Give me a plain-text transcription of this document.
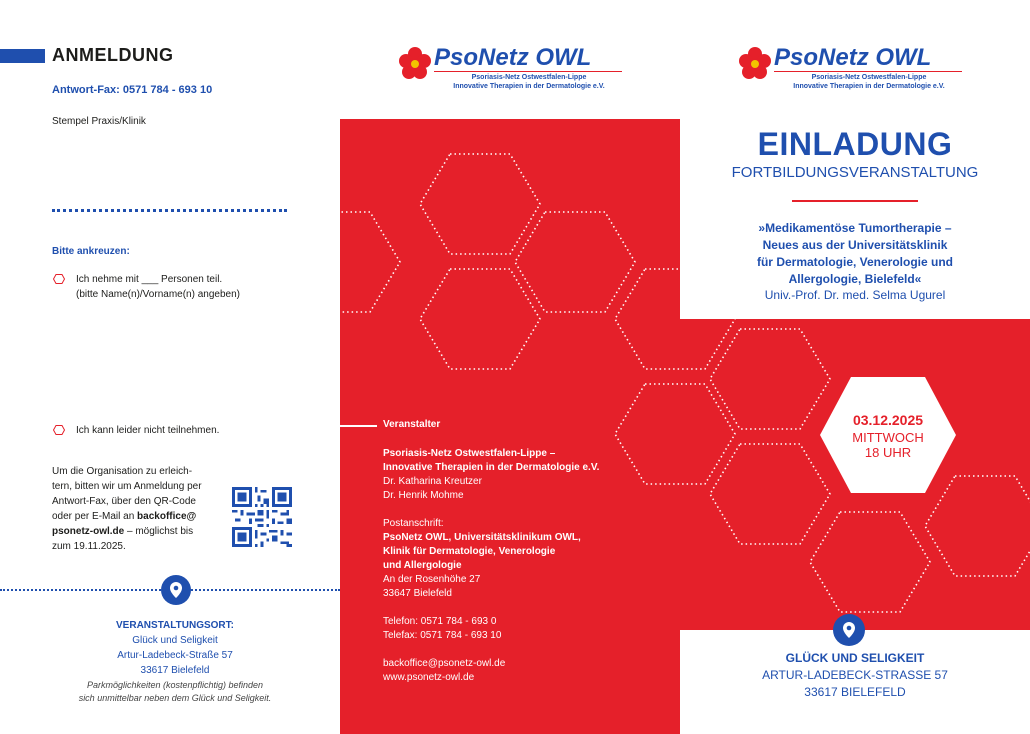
ANMELDUNG
Antwort-Fax: 0571 784 - 693 10
Stempel Praxis/Klinik
Bitte ankreuzen:
Ich nehme mit ___ Personen teil.
(bitte Name(n)/Vorname(n) angeben)
Ich kann leider nicht teilnehmen.
Um die Organisation zu erleich-
tern, bitten wir um Anmeldung per
Antwort-Fax, über den QR-Code
oder per E-Mail an backoffice@
psonetz-owl.de – möglichst bis
zum 19.11.2025.
VERANSTALTUNGSORT:
Glück und Seligkeit
Artur-Ladebeck-Straße 57
33617 Bielefeld
Parkmöglichkeiten (kostenpflichtig) befinden
sich unmittelbar neben dem Glück und Seligkeit.
PsoNetz OWL
Psoriasis-Netz Ostwestfalen-Lippe
Innovative Therapien in der Dermatologie e.V.
PsoNetz OWL
Psoriasis-Netz Ostwestfalen-Lippe
Innovative Therapien in der Dermatologie e.V.
Veranstalter
Psoriasis-Netz Ostwestfalen-Lippe –
Innovative Therapien in der Dermatologie e.V.
Dr. Katharina Kreutzer
Dr. Henrik Mohme
Postanschrift:
PsoNetz OWL, Universitätsklinikum OWL,
Klinik für Dermatologie, Venerologie
und Allergologie
An der Rosenhöhe 27
33647 Bielefeld
Telefon: 0571 784 - 693 0
Telefax: 0571 784 - 693 10
backoffice@psonetz-owl.de
www.psonetz-owl.de
EINLADUNG
FORTBILDUNGSVERANSTALTUNG
»Medikamentöse Tumortherapie –
Neues aus der Universitätsklinik
für Dermatologie, Venerologie und
Allergologie, Bielefeld«
Univ.-Prof. Dr. med. Selma Ugurel
03.12.2025
MITTWOCH
18 UHR
GLÜCK UND SELIGKEIT
ARTUR-LADEBECK-STRASSE 57
33617 BIELEFELD
